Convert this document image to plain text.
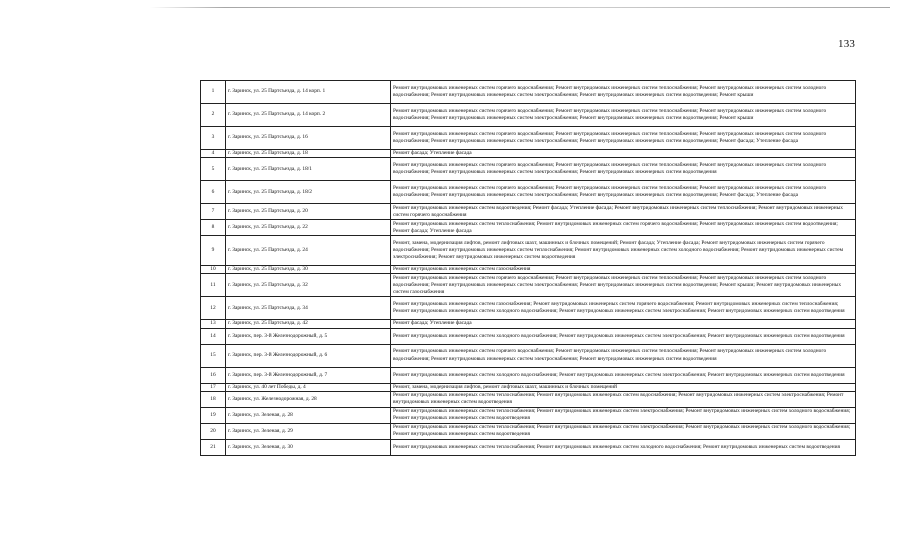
133
1	г. Заринск, ул. 25 Партсъезда, д. 14 корп. 1	Ремонт внутридомовых инженерных систем горячего водоснабжения; Ремонт внутридомовых инженерных систем теплоснабжения; Ремонт внутридомовых инженерных систем холодного водоснабжения; Ремонт внутридомовых инженерных систем электроснабжения; Ремонт внутридомовых инженерных систем водоотведения; Ремонт крыши
2	г. Заринск, ул. 25 Партсъезда, д. 14 корп. 2	Ремонт внутридомовых инженерных систем горячего водоснабжения; Ремонт внутридомовых инженерных систем теплоснабжения; Ремонт внутридомовых инженерных систем холодного водоснабжения; Ремонт внутридомовых инженерных систем электроснабжения; Ремонт внутридомовых инженерных систем водоотведения; Ремонт крыши
3	г. Заринск, ул. 25 Партсъезда, д. 16	Ремонт внутридомовых инженерных систем горячего водоснабжения; Ремонт внутридомовых инженерных систем теплоснабжения; Ремонт внутридомовых инженерных систем холодного водоснабжения; Ремонт внутридомовых инженерных систем электроснабжения; Ремонт внутридомовых инженерных систем водоотведения; Ремонт фасада; Утепление фасада
4	г. Заринск, ул. 25 Партсъезда, д. 18	Ремонт фасада; Утепление фасада
5	г. Заринск, ул. 25 Партсъезда, д. 18/1	Ремонт внутридомовых инженерных систем горячего водоснабжения; Ремонт внутридомовых инженерных систем теплоснабжения; Ремонт внутридомовых инженерных систем холодного водоснабжения; Ремонт внутридомовых инженерных систем электроснабжения; Ремонт внутридомовых инженерных систем водоотведения
6	г. Заринск, ул. 25 Партсъезда, д. 18/2	Ремонт внутридомовых инженерных систем горячего водоснабжения; Ремонт внутридомовых инженерных систем теплоснабжения; Ремонт внутридомовых инженерных систем холодного водоснабжения; Ремонт внутридомовых инженерных систем электроснабжения; Ремонт внутридомовых инженерных систем водоотведения; Ремонт фасада; Утепление фасада
7	г. Заринск, ул. 25 Партсъезда, д. 20	Ремонт внутридомовых инженерных систем водоотведения; Ремонт фасада; Утепление фасада; Ремонт внутридомовых инженерных систем теплоснабжения; Ремонт внутридомовых инженерных систем горячего водоснабжения
8	г. Заринск, ул. 25 Партсъезда, д. 22	Ремонт внутридомовых инженерных систем теплоснабжения; Ремонт внутридомовых инженерных систем горячего водоснабжения; Ремонт внутридомовых инженерных систем водоотведения; Ремонт фасада; Утепление фасада
9	г. Заринск, ул. 25 Партсъезда, д. 24	Ремонт, замена, модернизация лифтов, ремонт лифтовых шахт, машинных и блочных помещений; Ремонт фасада; Утепление фасада; Ремонт внутридомовых инженерных систем горячего водоснабжения; Ремонт внутридомовых инженерных систем теплоснабжения; Ремонт внутридомовых инженерных систем холодного водоснабжения; Ремонт внутридомовых инженерных систем электроснабжения; Ремонт внутридомовых инженерных систем водоотведения
10	г. Заринск, ул. 25 Партсъезда, д. 30	Ремонт внутридомовых инженерных систем газоснабжения
11	г. Заринск, ул. 25 Партсъезда, д. 32	Ремонт внутридомовых инженерных систем горячего водоснабжения; Ремонт внутридомовых инженерных систем теплоснабжения; Ремонт внутридомовых инженерных систем холодного водоснабжения; Ремонт внутридомовых инженерных систем электроснабжения; Ремонт внутридомовых инженерных систем водоотведения; Ремонт крыши; Ремонт внутридомовых инженерных систем газоснабжения
12	г. Заринск, ул. 25 Партсъезда, д. 34	Ремонт внутридомовых инженерных систем газоснабжения; Ремонт внутридомовых инженерных систем горячего водоснабжения; Ремонт внутридомовых инженерных систем теплоснабжения; Ремонт внутридомовых инженерных систем холодного водоснабжения; Ремонт внутридомовых инженерных систем электроснабжения; Ремонт внутридомовых инженерных систем водоотведения
13	г. Заринск, ул. 25 Партсъезда, д. 42	Ремонт фасада; Утепление фасада
14	г. Заринск, пер. 3-й Железнодорожный, д. 5	Ремонт внутридомовых инженерных систем холодного водоснабжения; Ремонт внутридомовых инженерных систем электроснабжения; Ремонт внутридомовых инженерных систем водоотведения
15	г. Заринск, пер. 3-й Железнодорожный, д. 6	Ремонт внутридомовых инженерных систем горячего водоснабжения; Ремонт внутридомовых инженерных систем теплоснабжения; Ремонт внутридомовых инженерных систем холодного водоснабжения; Ремонт внутридомовых инженерных систем электроснабжения; Ремонт внутридомовых инженерных систем водоотведения
16	г. Заринск, пер. 3-й Железнодорожный, д. 7	Ремонт внутридомовых инженерных систем холодного водоснабжения; Ремонт внутридомовых инженерных систем электроснабжения; Ремонт внутридомовых инженерных систем водоотведения
17	г. Заринск, ул. 40 лет Победы, д. 4	Ремонт, замена, модернизация лифтов, ремонт лифтовых шахт, машинных и блочных помещений
18	г. Заринск, ул. Железнодорожная, д. 28	Ремонт внутридомовых инженерных систем теплоснабжения; Ремонт внутридомовых инженерных систем водоснабжения; Ремонт внутридомовых инженерных систем электроснабжения; Ремонт внутридомовых инженерных систем водоотведения
19	г. Заринск, ул. Зеленая, д. 28	Ремонт внутридомовых инженерных систем теплоснабжения; Ремонт внутридомовых инженерных систем электроснабжения; Ремонт внутридомовых инженерных систем холодного водоснабжения; Ремонт внутридомовых инженерных систем водоотведения
20	г. Заринск, ул. Зеленая, д. 29	Ремонт внутридомовых инженерных систем теплоснабжения; Ремонт внутридомовых инженерных систем электроснабжения; Ремонт внутридомовых инженерных систем холодного водоснабжения; Ремонт внутридомовых инженерных систем водоотведения
21	г. Заринск, ул. Зеленая, д. 30	Ремонт внутридомовых инженерных систем теплоснабжения; Ремонт внутридомовых инженерных систем холодного водоснабжения; Ремонт внутридомовых инженерных систем водоотведения
